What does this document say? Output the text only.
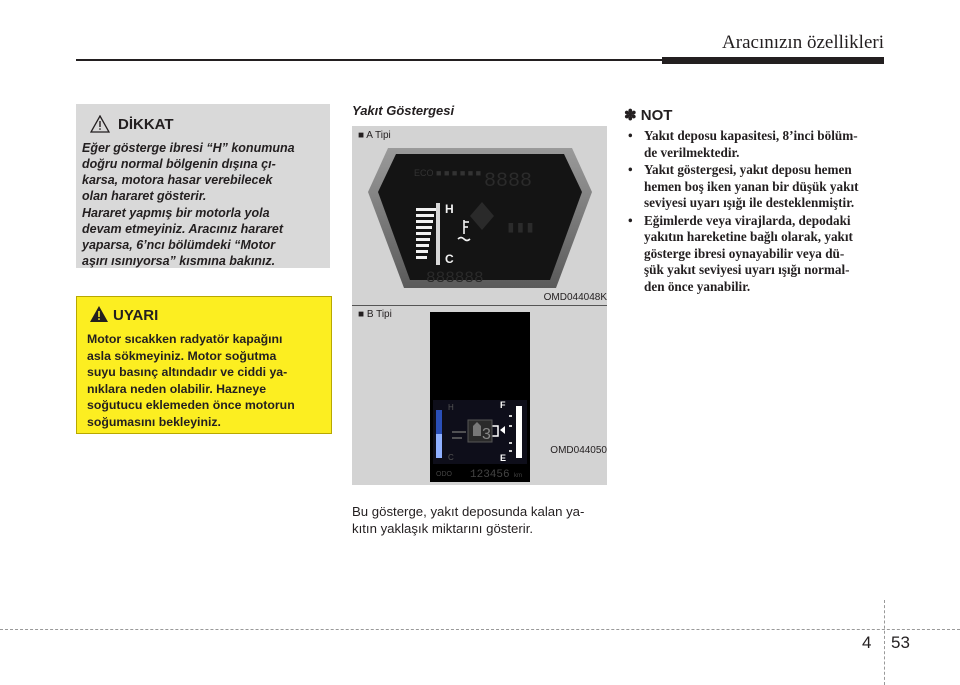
Aracınızın özellikleri
DİKKAT
Eğer gösterge ibresi “H” konumuna
doğru normal bölgenin dışına çı-
karsa, motora hasar verebilecek
olan hararet gösterir.
Hararet yapmış bir motorla yola
devam etmeyiniz. Aracınız hararet
yaparsa, 6’ncı bölümdeki “Motor
aşırı ısınıyorsa” kısmına bakınız.
UYARI
Motor sıcakken radyatör kapağını
asla sökmeyiniz. Motor soğutma
suyu basınç altındadır ve ciddi ya-
nıklara neden olabilir. Hazneye
soğutucu eklemeden önce motorun
soğumasını bekleyiniz.
Yakıt Göstergesi
■ A Tipi
ECO ■ ■ ■ ■ ■ ■ 8888
H
C
▮▮▮
888888
OMD044048K
■ B Tipi
H
C
F
E
3
ODO 123456 km
OMD044050
Bu gösterge, yakıt deposunda kalan ya-
kıtın yaklaşık miktarını gösterir.
✽ NOT
• Yakıt deposu kapasitesi, 8’inci bölüm-
de verilmektedir.
• Yakıt göstergesi, yakıt deposu hemen
hemen boş iken yanan bir düşük yakıt
seviyesi uyarı ışığı ile desteklenmiştir.
• Eğimlerde veya virajlarda, depodaki
yakıtın hareketine bağlı olarak, yakıt
gösterge ibresi oynayabilir veya dü-
şük yakıt seviyesi uyarı ışığı normal-
den önce yanabilir.
4 53
